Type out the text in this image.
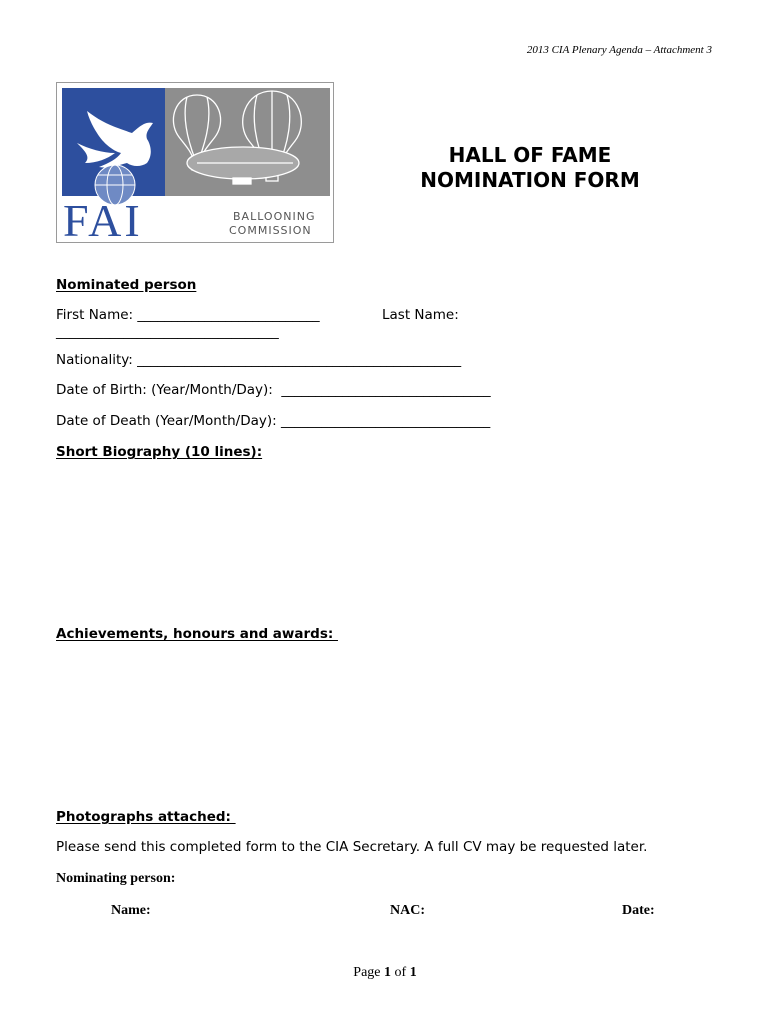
2013 CIA Plenary Agenda – Attachment 3
FAI	BALLOONING
COMMISSION
HALL OF FAME
NOMINATION FORM
Nominated person
First Name: ___________________________	Last Name:
_________________________________
Nationality: ________________________________________________
Date of Birth: (Year/Month/Day):  _______________________________
Date of Death (Year/Month/Day): _______________________________
Short Biography (10 lines):
Achievements, honours and awards:
Photographs attached:
Please send this completed form to the CIA Secretary. A full CV may be requested later.
Nominating person:
Name:	NAC:	Date:
Page 1 of 1
